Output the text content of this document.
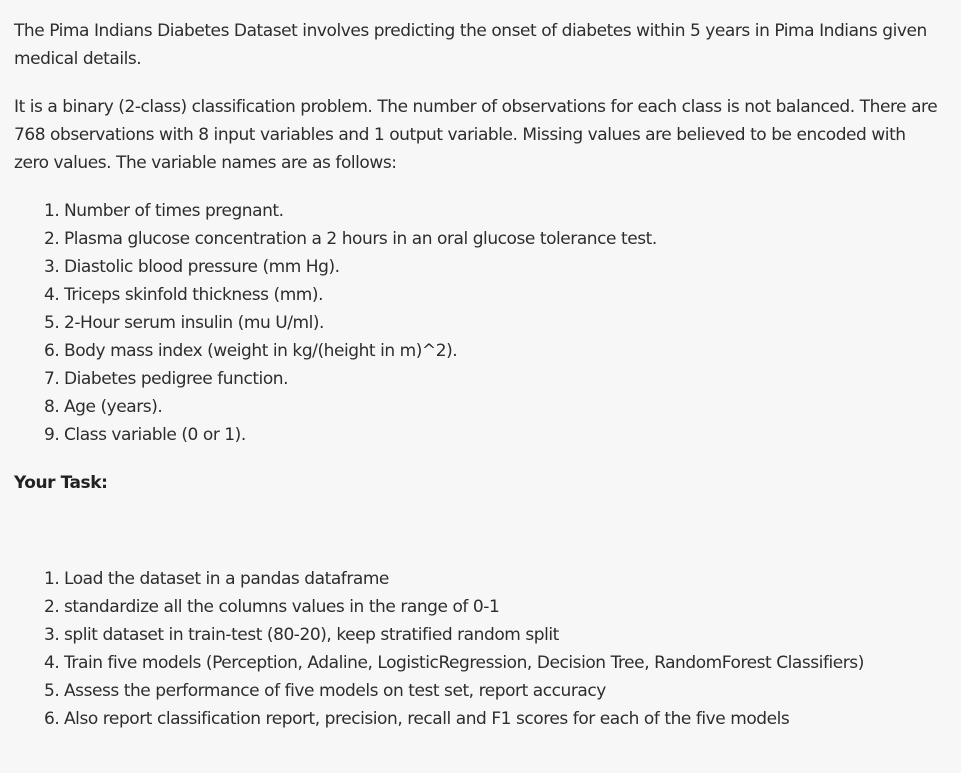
The Pima Indians Diabetes Dataset involves predicting the onset of diabetes within 5 years in Pima Indians given medical details.

It is a binary (2-class) classification problem. The number of observations for each class is not balanced. There are 768 observations with 8 input variables and 1 output variable. Missing values are believed to be encoded with zero values. The variable names are as follows:

1. Number of times pregnant.
2. Plasma glucose concentration a 2 hours in an oral glucose tolerance test.
3. Diastolic blood pressure (mm Hg).
4. Triceps skinfold thickness (mm).
5. 2-Hour serum insulin (mu U/ml).
6. Body mass index (weight in kg/(height in m)^2).
7. Diabetes pedigree function.
8. Age (years).
9. Class variable (0 or 1).

Your Task:

1. Load the dataset in a pandas dataframe
2. standardize all the columns values in the range of 0-1
3. split dataset in train-test (80-20), keep stratified random split
4. Train five models (Perception, Adaline, LogisticRegression, Decision Tree, RandomForest Classifiers)
5. Assess the performance of five models on test set, report accuracy
6. Also report classification report, precision, recall and F1 scores for each of the five models
